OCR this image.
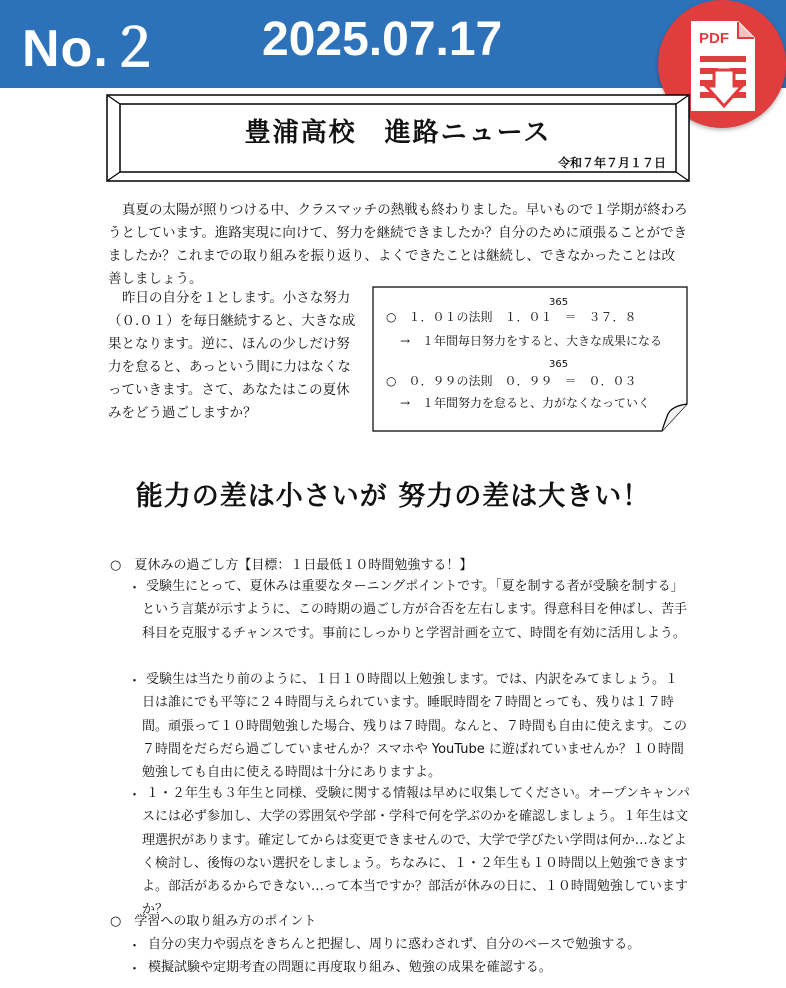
No.２ 2025.07.17	PDF
豊浦高校　進路ニュース
令和７年７月１７日
真夏の太陽が照りつける中、クラスマッチの熱戦も終わりました。早いもので１学期が終わろうとしています。進路実現に向けて、努力を継続できましたか？自分のために頑張ることができましたか？これまでの取り組みを振り返り、よくできたことは継続し、できなかったことは改善しましょう。
昨日の自分を１とします。小さな努力（０.０１）を毎日継続すると、大きな成果となります。逆に、ほんの少しだけ努力を怠ると、あっという間に力はなくなっていきます。さて、あなたはこの夏休みをどう過ごしますか？
365
○　１．０１の法則　１．０１　＝　３７．８
→　１年間毎日努力をすると、大きな成果になる
365
○　０．９９の法則　０．９９　＝　０．０３
→　１年間努力を怠ると、力がなくなっていく
能力の差は小さいが 努力の差は大きい！
○　夏休みの過ごし方【目標：１日最低１０時間勉強する！】
・ 受験生にとって、夏休みは重要なターニングポイントです。「夏を制する者が受験を制する」という言葉が示すように、この時期の過ごし方が合否を左右します。得意科目を伸ばし、苦手科目を克服するチャンスです。事前にしっかりと学習計画を立て、時間を有効に活用しよう。
・ 受験生は当たり前のように、１日１０時間以上勉強します。では、内訳をみてましょう。１日は誰にでも平等に２４時間与えられています。睡眠時間を７時間とっても、残りは１７時間。頑張って１０時間勉強した場合、残りは７時間。なんと、７時間も自由に使えます。この７時間をだらだら過ごしていませんか？スマホや YouTube に遊ばれていませんか？１０時間勉強しても自由に使える時間は十分にありますよ。
・ １・２年生も３年生と同様、受験に関する情報は早めに収集してください。オープンキャンパスには必ず参加し、大学の雰囲気や学部・学科で何を学ぶのかを確認しましょう。１年生は文理選択があります。確定してからは変更できませんので、大学で学びたい学問は何か…などよく検討し、後悔のない選択をしましょう。ちなみに、１・２年生も１０時間以上勉強できますよ。部活があるからできない…って本当ですか？部活が休みの日に、１０時間勉強していますか？
○　学習への取り組み方のポイント
・ 自分の実力や弱点をきちんと把握し、周りに惑わされず、自分のペースで勉強する。
・ 模擬試験や定期考査の問題に再度取り組み、勉強の成果を確認する。
